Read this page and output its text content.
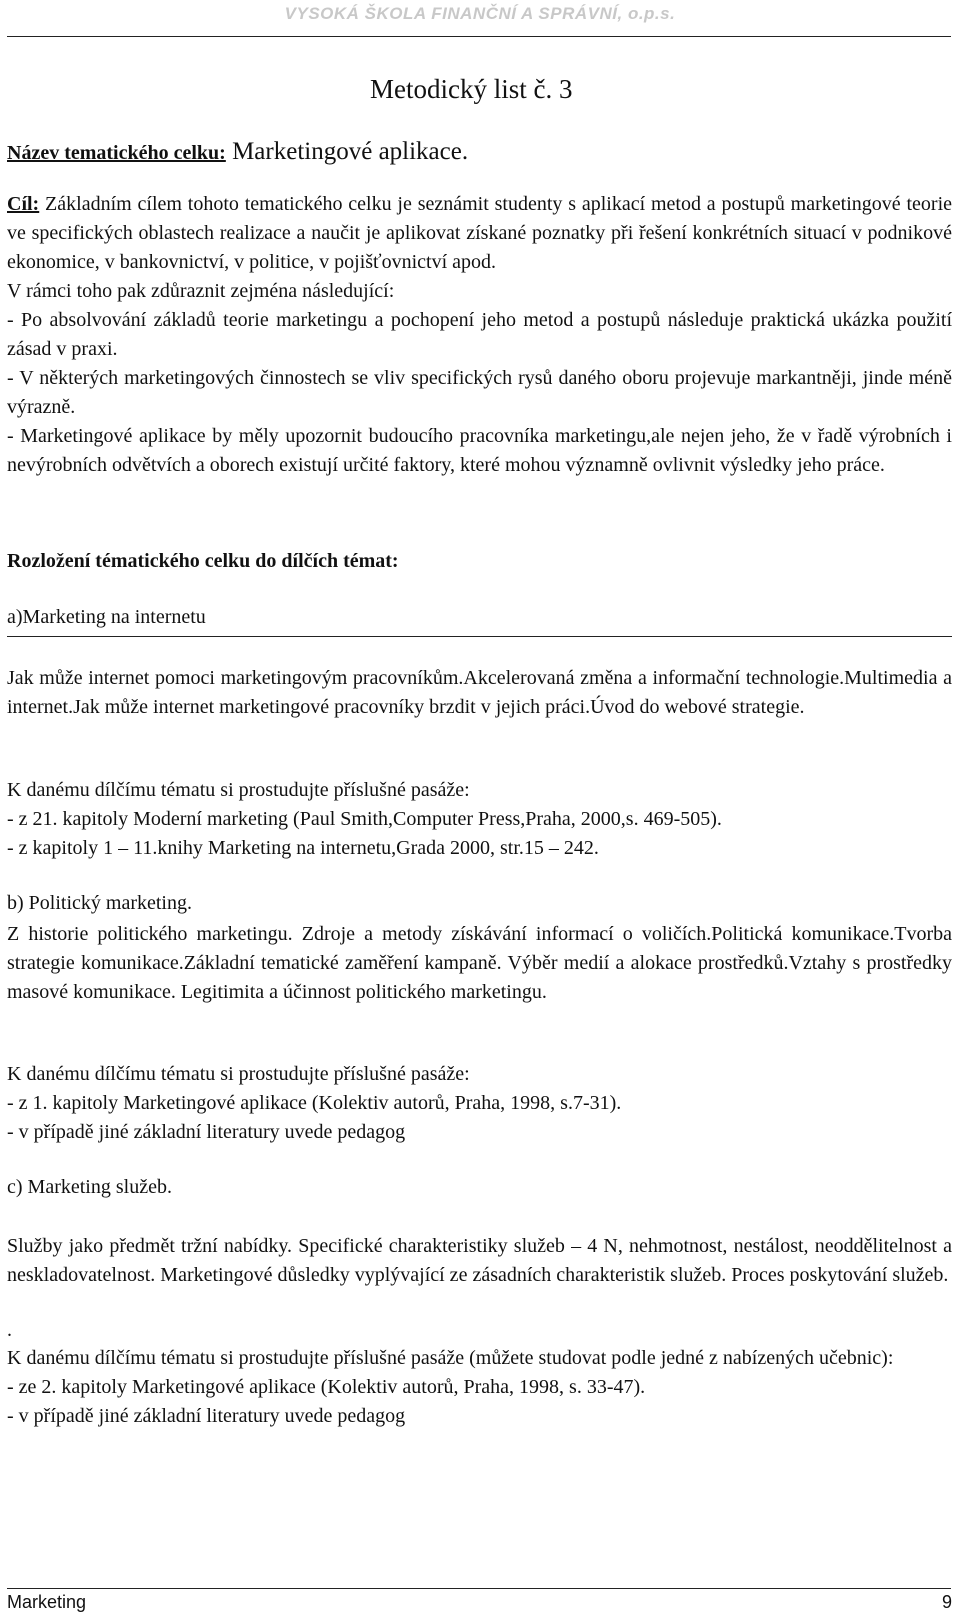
VYSOKÁ ŠKOLA FINANČNÍ A SPRÁVNÍ, o.p.s.
Metodický list č. 3
Název tematického celku: Marketingové aplikace.

Cíl: Základním cílem tohoto tematického celku je seznámit studenty s aplikací metod a postupů marketingové teorie ve specifických oblastech realizace a naučit je aplikovat získané poznatky při řešení konkrétních situací v podnikové ekonomice, v bankovnictví, v politice, v pojišťovnictví apod.

V rámci toho pak zdůraznit zejména následující:

- Po absolvování základů teorie marketingu a pochopení jeho metod a postupů následuje praktická ukázka použití zásad v praxi.

- V některých marketingových činnostech se vliv specifických rysů daného oboru projevuje markantněji, jinde méně výrazně.

- Marketingové aplikace by měly upozornit budoucího pracovníka marketingu,ale nejen jeho, že v řadě výrobních i nevýrobních odvětvích a oborech existují určité faktory, které mohou významně ovlivnit výsledky jeho práce.

Rozložení tématického celku do dílčích témat:
a)Marketing na internetu
Jak může internet pomoci marketingovým pracovníkům.Akcelerovaná změna a informační technologie.Multimedia a internet.Jak může internet marketingové pracovníky brzdit v jejich práci.Úvod do webové strategie.

K danému dílčímu tématu si prostudujte příslušné pasáže:

- z 21. kapitoly Moderní marketing (Paul Smith,Computer Press,Praha, 2000,s. 469-505).

- z kapitoly 1 – 11.knihy Marketing na internetu,Grada 2000, str.15 – 242.

b) Politický marketing.
Z historie politického marketingu. Zdroje a metody získávání informací o voličích.Politická komunikace.Tvorba strategie komunikace.Základní tematické zaměření kampaně. Výběr medií a alokace prostředků.Vztahy s prostředky masové komunikace. Legitimita a účinnost politického marketingu.

K danému dílčímu tématu si prostudujte příslušné pasáže:

- z 1. kapitoly Marketingové aplikace (Kolektiv autorů, Praha, 1998, s.7-31).

- v případě jiné základní literatury uvede pedagog

c) Marketing služeb.
Služby jako předmět tržní nabídky. Specifické charakteristiky služeb – 4 N, nehmotnost, nestálost, neoddělitelnost a neskladovatelnost. Marketingové důsledky vyplývající ze zásadních charakteristik služeb. Proces poskytování služeb.
.

K danému dílčímu tématu si prostudujte příslušné pasáže (můžete studovat podle jedné z nabízených učebnic):

- ze 2. kapitoly Marketingové aplikace (Kolektiv autorů, Praha, 1998, s. 33-47).

- v případě jiné základní literatury uvede pedagog

Marketing	9
